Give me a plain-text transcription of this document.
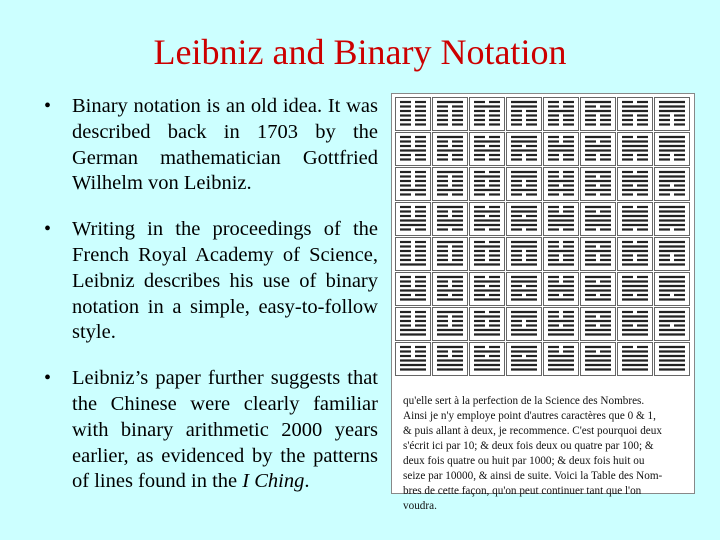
Leibniz and Binary Notation
• Binary notation is an old idea. It was described back in 1703 by the German mathematician Gottfried Wilhelm von Leibniz.
• Writing in the proceedings of the French Royal Academy of Science, Leibniz describes his use of binary notation in a simple, easy-to-follow style.
• Leibniz’s paper further suggests that the Chinese were clearly familiar with binary arithmetic 2000 years earlier, as evidenced by the patterns of lines found in the I Ching.
qu'elle sert à la perfection de la Science des Nombres.
Ainsi je n'y employe point d'autres caractères que 0 & 1,
& puis allant à deux, je recommence. C'est pourquoi deux
s'écrit ici par 10; & deux fois deux ou quatre par 100; &
deux fois quatre ou huit par 1000; & deux fois huit ou
seize par 10000, & ainsi de suite. Voici la Table des Nom-
bres de cette façon, qu'on peut continuer tant que l'on
voudra.
